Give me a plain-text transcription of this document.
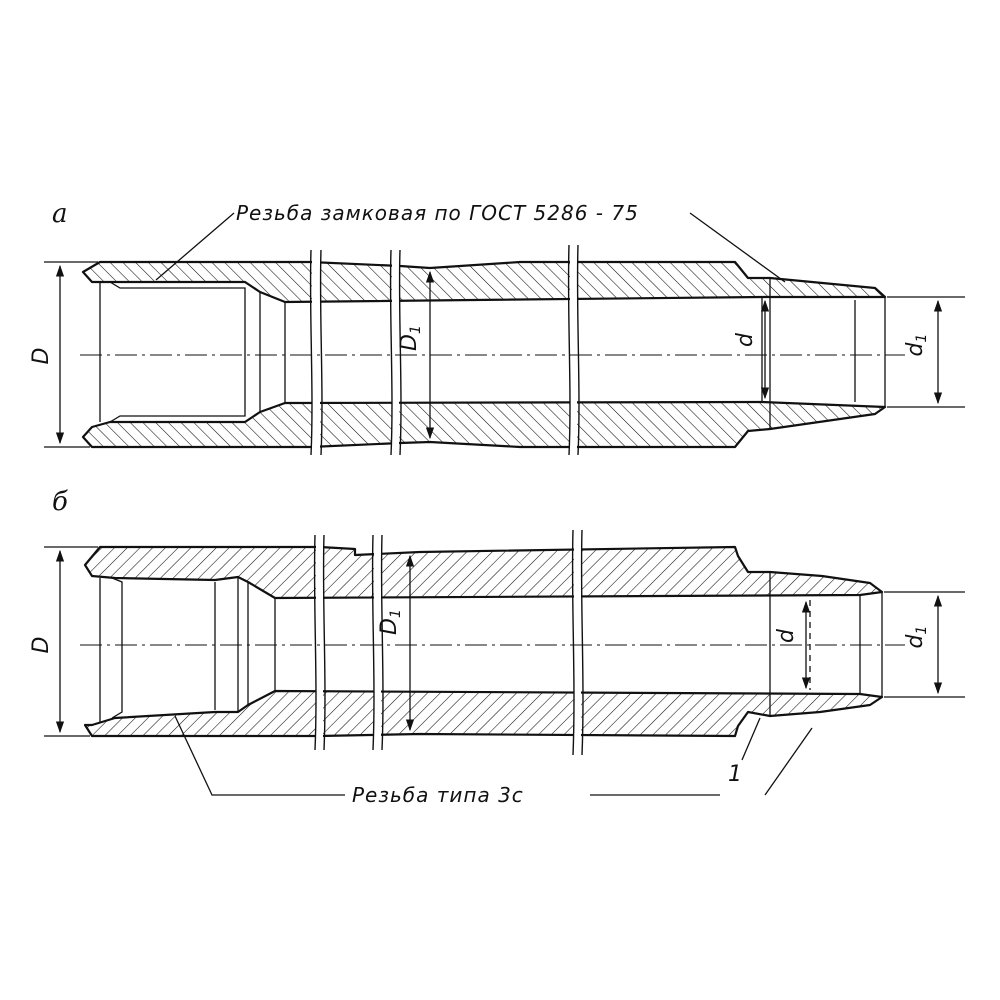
а
D
D1
d
d1
Резьба замковая по ГОСТ 5286 - 75
б
D
D1
d	d1
Резьба типа 3с
1
